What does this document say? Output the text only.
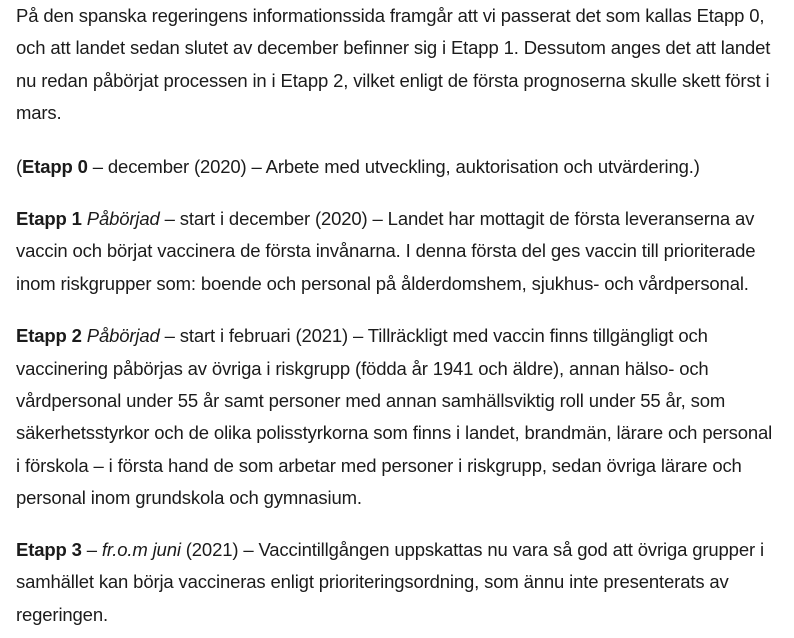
På den spanska regeringens informationssida framgår att vi passerat det som kallas Etapp 0, och att landet sedan slutet av december befinner sig i Etapp 1. Dessutom anges det att landet nu redan påbörjat processen in i Etapp 2, vilket enligt de första prognoserna skulle skett först i mars.

(Etapp 0 – december (2020) – Arbete med utveckling, auktorisation och utvärdering.)

Etapp 1 Påbörjad – start i december (2020) – Landet har mottagit de första leveranserna av vaccin och börjat vaccinera de första invånarna. I denna första del ges vaccin till prioriterade inom riskgrupper som: boende och personal på ålderdomshem, sjukhus- och vårdpersonal.

Etapp 2 Påbörjad – start i februari (2021) – Tillräckligt med vaccin finns tillgängligt och vaccinering påbörjas av övriga i riskgrupp (födda år 1941 och äldre), annan hälso- och vårdpersonal under 55 år samt personer med annan samhällsviktig roll under 55 år, som säkerhetsstyrkor och de olika polisstyrkorna som finns i landet, brandmän, lärare och personal i förskola – i första hand de som arbetar med personer i riskgrupp, sedan övriga lärare och personal inom grundskola och gymnasium.

Etapp 3 – fr.o.m juni (2021) – Vaccintillgången uppskattas nu vara så god att övriga grupper i samhället kan börja vaccineras enligt prioriteringsordning, som ännu inte presenterats av regeringen.
